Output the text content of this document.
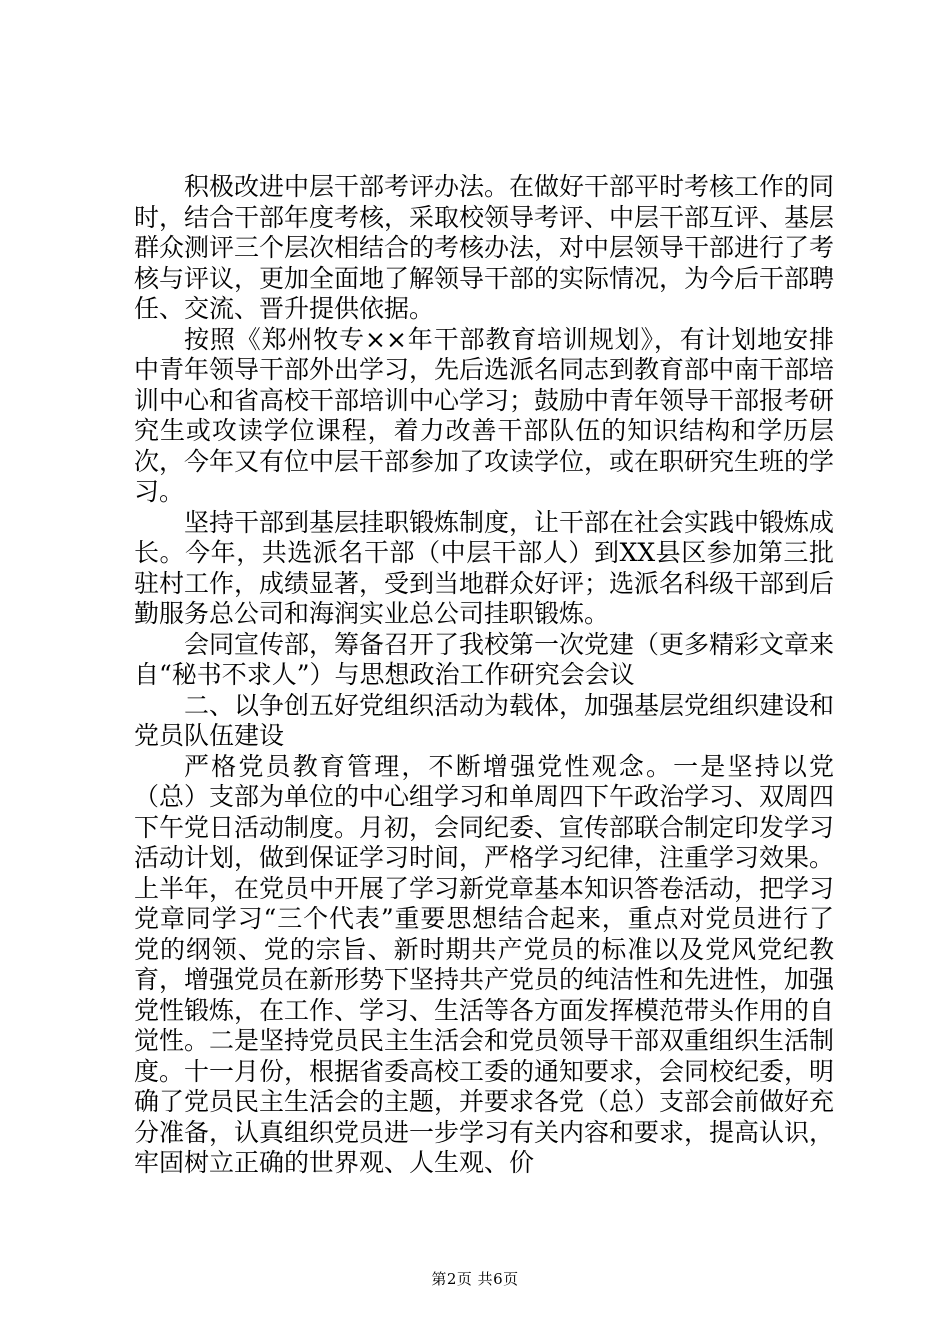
积极改进中层干部考评办法。在做好干部平时考核工作的同时，结合干部年度考核，采取校领导考评、中层干部互评、基层群众测评三个层次相结合的考核办法，对中层领导干部进行了考核与评议，更加全面地了解领导干部的实际情况，为今后干部聘任、交流、晋升提供依据。

按照《郑州牧专××年干部教育培训规划》，有计划地安排中青年领导干部外出学习，先后选派名同志到教育部中南干部培训中心和省高校干部培训中心学习；鼓励中青年领导干部报考研究生或攻读学位课程，着力改善干部队伍的知识结构和学历层次，今年又有位中层干部参加了攻读学位，或在职研究生班的学习。

坚持干部到基层挂职锻炼制度，让干部在社会实践中锻炼成长。今年，共选派名干部（中层干部人）到XX县区参加第三批驻村工作，成绩显著，受到当地群众好评；选派名科级干部到后勤服务总公司和海润实业总公司挂职锻炼。

会同宣传部，筹备召开了我校第一次党建（更多精彩文章来自“秘书不求人”）与思想政治工作研究会会议

二、以争创五好党组织活动为载体，加强基层党组织建设和党员队伍建设

严格党员教育管理，不断增强党性观念。一是坚持以党（总）支部为单位的中心组学习和单周四下午政治学习、双周四下午党日活动制度。月初，会同纪委、宣传部联合制定印发学习活动计划，做到保证学习时间，严格学习纪律，注重学习效果。上半年，在党员中开展了学习新党章基本知识答卷活动，把学习党章同学习“三个代表”重要思想结合起来，重点对党员进行了党的纲领、党的宗旨、新时期共产党员的标准以及党风党纪教育，增强党员在新形势下坚持共产党员的纯洁性和先进性，加强党性锻炼，在工作、学习、生活等各方面发挥模范带头作用的自觉性。二是坚持党员民主生活会和党员领导干部双重组织生活制度。十一月份，根据省委高校工委的通知要求，会同校纪委，明确了党员民主生活会的主题，并要求各党（总）支部会前做好充分准备，认真组织党员进一步学习有关内容和要求，提高认识，牢固树立正确的世界观、人生观、价

第2页 共6页
